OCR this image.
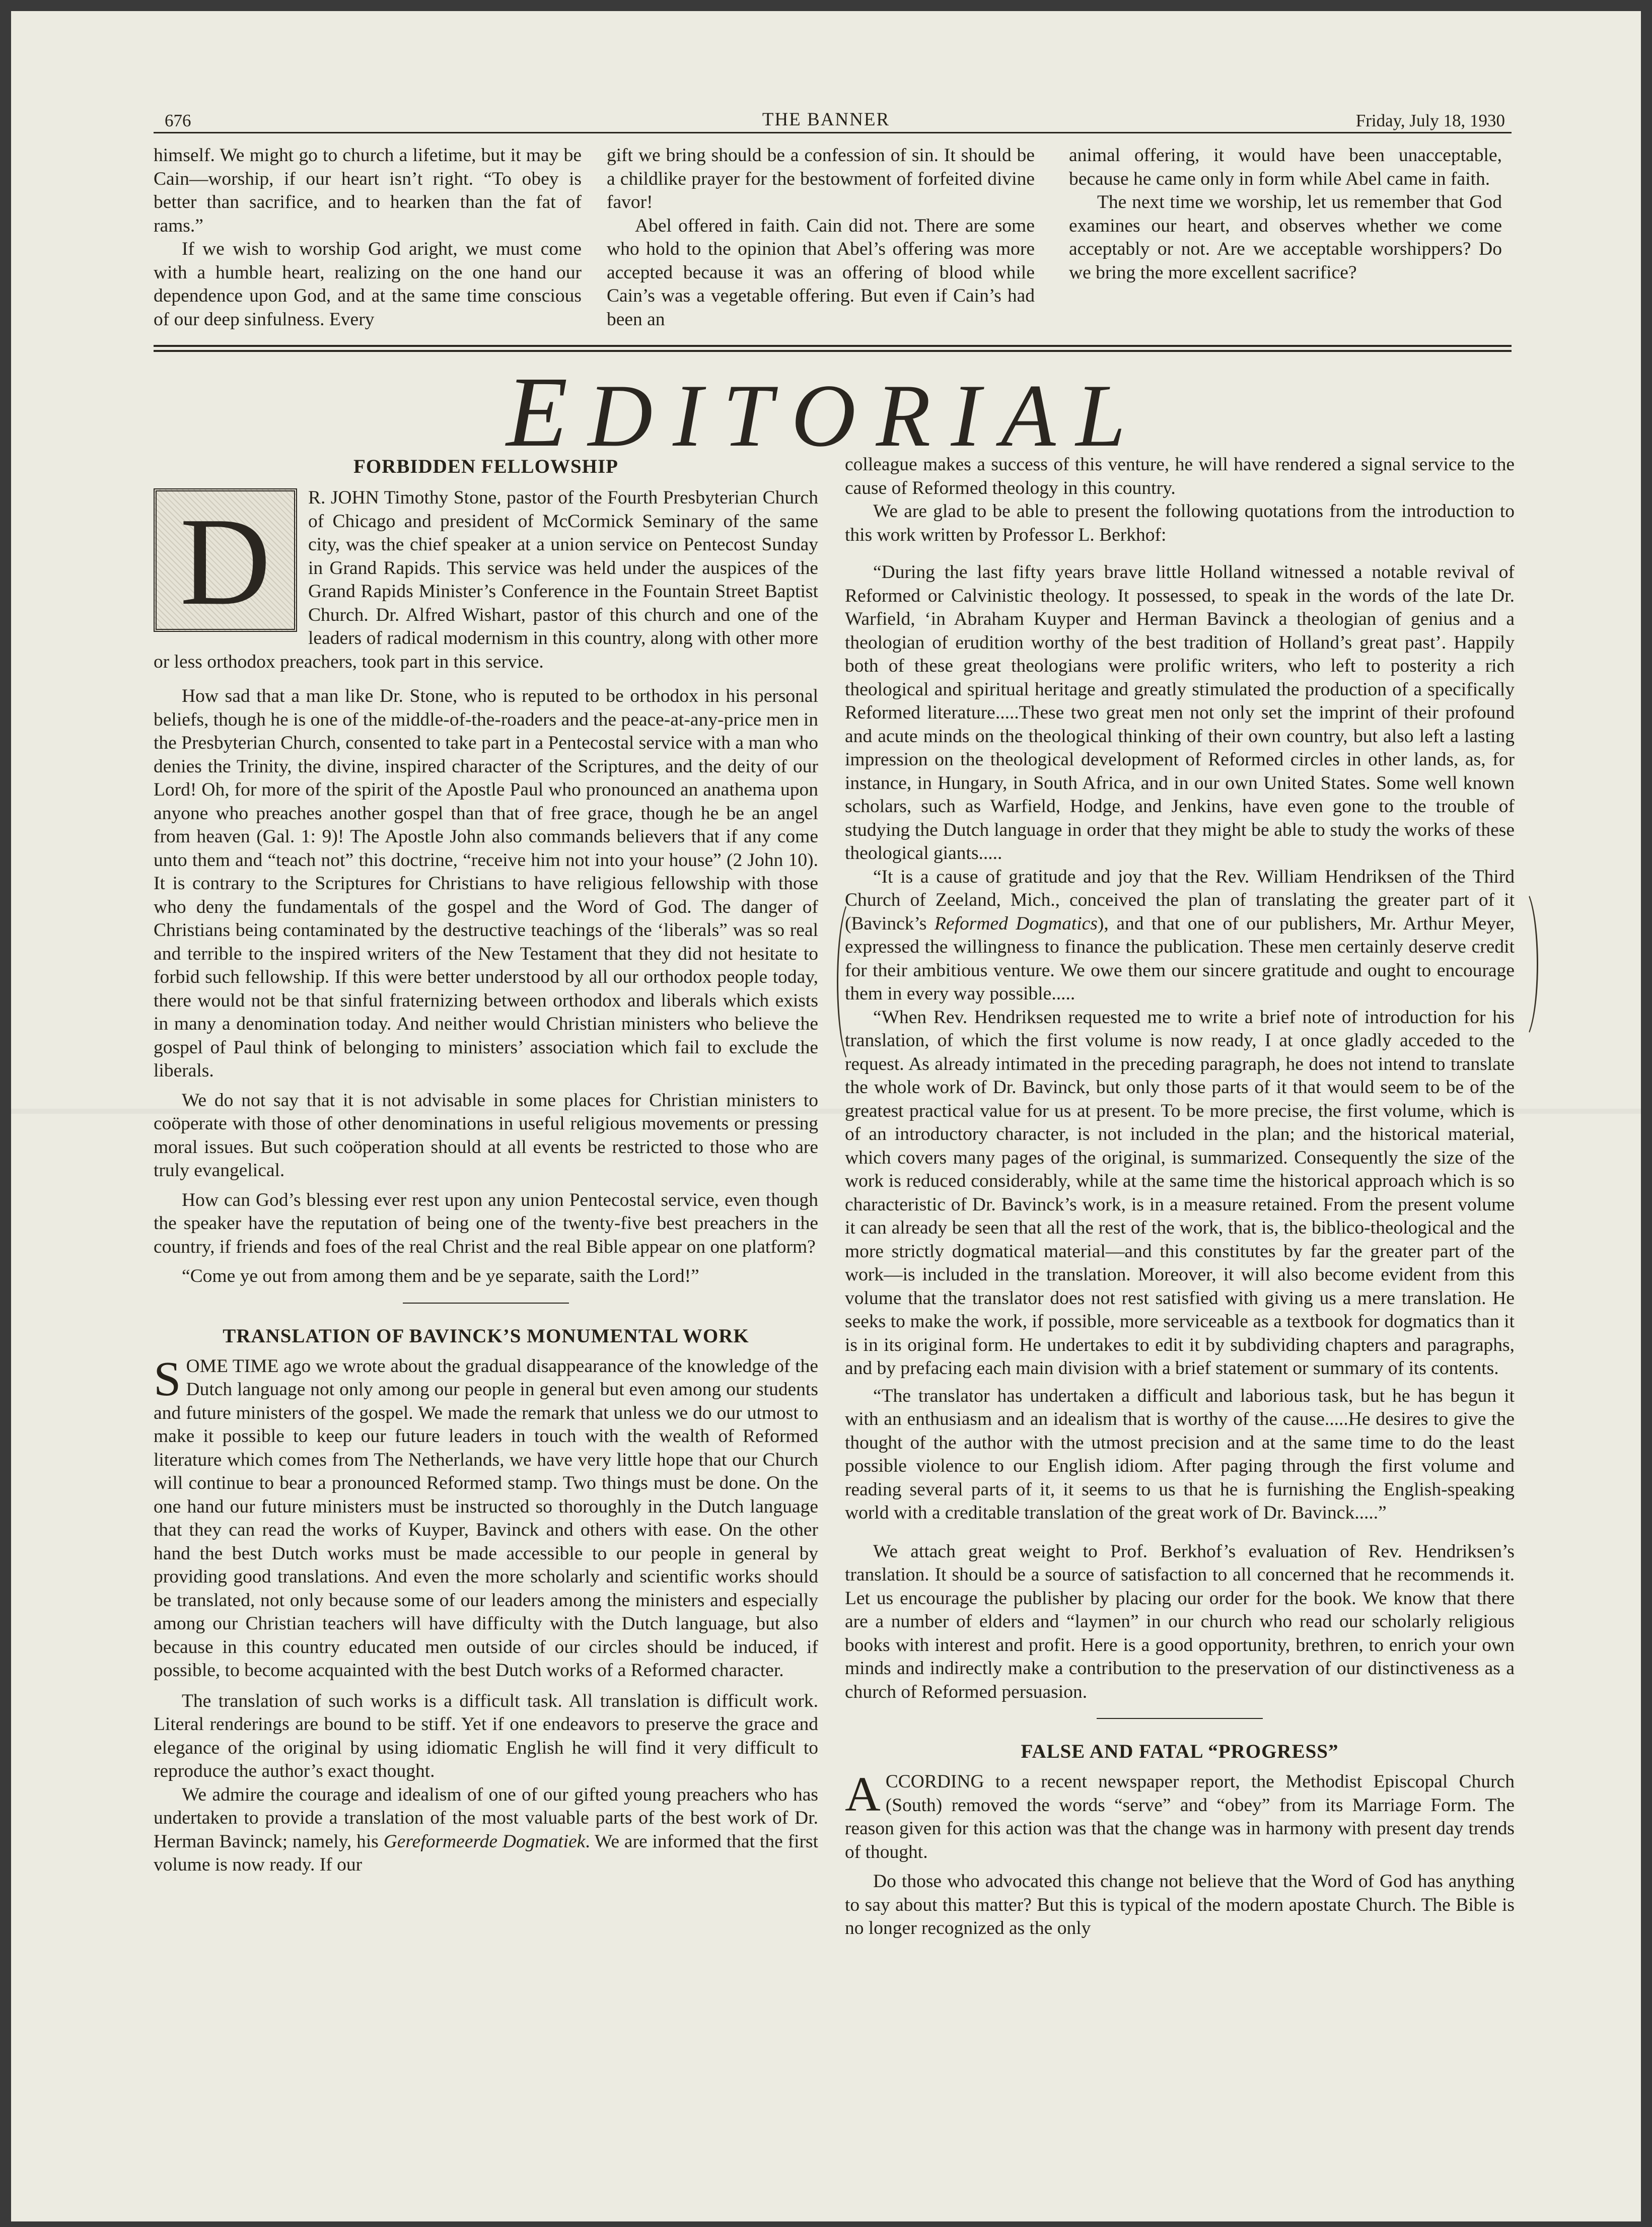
676	THE BANNER	Friday, July 18, 1930

himself. We might go to church a lifetime, but it may be Cain—worship, if our heart isn’t right. “To obey is better than sacrifice, and to hearken than the fat of rams.”

If we wish to worship God aright, we must come with a humble heart, realizing on the one hand our dependence upon God, and at the same time conscious of our deep sinfulness. Every

gift we bring should be a confession of sin. It should be a childlike prayer for the bestowment of forfeited divine favor!

Abel offered in faith. Cain did not. There are some who hold to the opinion that Abel’s offering was more accepted because it was an offering of blood while Cain’s was a vegetable offering. But even if Cain’s had been an

animal offering, it would have been unacceptable, because he came only in form while Abel came in faith.

The next time we worship, let us remember that God examines our heart, and observes whether we come acceptably or not. Are we acceptable worshippers? Do we bring the more excellent sacrifice?

EDITORIAL
FORBIDDEN FELLOWSHIP

D	R. JOHN Timothy Stone, pastor of the Fourth Presbyterian Church of Chicago and president of McCormick Seminary of the same city, was the chief speaker at a union service on Pentecost Sunday in Grand Rapids. This service was held under the auspices of the Grand Rapids Minister’s Conference in the Fountain Street Baptist Church. Dr. Alfred Wishart, pastor of this church and one of the leaders of radical modernism in this country, along with other more or less orthodox preachers, took part in this service.

How sad that a man like Dr. Stone, who is reputed to be orthodox in his personal beliefs, though he is one of the middle-of-the-roaders and the peace-at-any-price men in the Presbyterian Church, consented to take part in a Pentecostal service with a man who denies the Trinity, the divine, inspired character of the Scriptures, and the deity of our Lord! Oh, for more of the spirit of the Apostle Paul who pronounced an anathema upon anyone who preaches another gospel than that of free grace, though he be an angel from heaven (Gal. 1: 9)! The Apostle John also commands believers that if any come unto them and “teach not” this doctrine, “receive him not into your house” (2 John 10). It is contrary to the Scriptures for Christians to have religious fellowship with those who deny the fundamentals of the gospel and the Word of God. The danger of Christians being contaminated by the destructive teachings of the ‘liberals” was so real and terrible to the inspired writers of the New Testament that they did not hesitate to forbid such fellowship. If this were better understood by all our orthodox people today, there would not be that sinful fraternizing between orthodox and liberals which exists in many a denomination today. And neither would Christian ministers who believe the gospel of Paul think of belonging to ministers’ association which fail to exclude the liberals.

We do not say that it is not advisable in some places for Christian ministers to coöperate with those of other denominations in useful religious movements or pressing moral issues. But such coöperation should at all events be restricted to those who are truly evangelical.

How can God’s blessing ever rest upon any union Pentecostal service, even though the speaker have the reputation of being one of the twenty-five best preachers in the country, if friends and foes of the real Christ and the real Bible appear on one platform?

“Come ye out from among them and be ye separate, saith the Lord!”

TRANSLATION OF BAVINCK’S MONUMENTAL WORK

SOME TIME ago we wrote about the gradual disappearance of the knowledge of the Dutch language not only among our people in general but even among our students and future ministers of the gospel. We made the remark that unless we do our utmost to make it possible to keep our future leaders in touch with the wealth of Reformed literature which comes from The Netherlands, we have very little hope that our Church will continue to bear a pronounced Reformed stamp. Two things must be done. On the one hand our future ministers must be instructed so thoroughly in the Dutch language that they can read the works of Kuyper, Bavinck and others with ease. On the other hand the best Dutch works must be made accessible to our people in general by providing good translations. And even the more scholarly and scientific works should be translated, not only because some of our leaders among the ministers and especially among our Christian teachers will have difficulty with the Dutch language, but also because in this country educated men outside of our circles should be induced, if possible, to become acquainted with the best Dutch works of a Reformed character.

The translation of such works is a difficult task. All translation is difficult work. Literal renderings are bound to be stiff. Yet if one endeavors to preserve the grace and elegance of the original by using idiomatic English he will find it very difficult to reproduce the author’s exact thought.

We admire the courage and idealism of one of our gifted young preachers who has undertaken to provide a translation of the most valuable parts of the best work of Dr. Herman Bavinck; namely, his Gereformeerde Dogmatiek. We are informed that the first volume is now ready. If our

colleague makes a success of this venture, he will have rendered a signal service to the cause of Reformed theology in this country.

We are glad to be able to present the following quotations from the introduction to this work written by Professor L. Berkhof:

“During the last fifty years brave little Holland witnessed a notable revival of Reformed or Calvinistic theology. It possessed, to speak in the words of the late Dr. Warfield, ‘in Abraham Kuyper and Herman Bavinck a theologian of genius and a theologian of erudition worthy of the best tradition of Holland’s great past’. Happily both of these great theologians were prolific writers, who left to posterity a rich theological and spiritual heritage and greatly stimulated the production of a specifically Reformed literature.....These two great men not only set the imprint of their profound and acute minds on the theological thinking of their own country, but also left a lasting impression on the theological development of Reformed circles in other lands, as, for instance, in Hungary, in South Africa, and in our own United States. Some well known scholars, such as Warfield, Hodge, and Jenkins, have even gone to the trouble of studying the Dutch language in order that they might be able to study the works of these theological giants.....

“It is a cause of gratitude and joy that the Rev. William Hendriksen of the Third Church of Zeeland, Mich., conceived the plan of translating the greater part of it (Bavinck’s Reformed Dogmatics), and that one of our publishers, Mr. Arthur Meyer, expressed the willingness to finance the publication. These men certainly deserve credit for their ambitious venture. We owe them our sincere gratitude and ought to encourage them in every way possible.....

“When Rev. Hendriksen requested me to write a brief note of introduction for his translation, of which the first volume is now ready, I at once gladly acceded to the request. As already intimated in the preceding paragraph, he does not intend to translate the whole work of Dr. Bavinck, but only those parts of it that would seem to be of the greatest practical value for us at present. To be more precise, the first volume, which is of an introductory character, is not included in the plan; and the historical material, which covers many pages of the original, is summarized. Consequently the size of the work is reduced considerably, while at the same time the historical approach which is so characteristic of Dr. Bavinck’s work, is in a measure retained. From the present volume it can already be seen that all the rest of the work, that is, the biblico-theological and the more strictly dogmatical material—and this constitutes by far the greater part of the work—is included in the translation. Moreover, it will also become evident from this volume that the translator does not rest satisfied with giving us a mere translation. He seeks to make the work, if possible, more serviceable as a textbook for dogmatics than it is in its original form. He undertakes to edit it by subdividing chapters and paragraphs, and by prefacing each main division with a brief statement or summary of its contents.

“The translator has undertaken a difficult and laborious task, but he has begun it with an enthusiasm and an idealism that is worthy of the cause.....He desires to give the thought of the author with the utmost precision and at the same time to do the least possible violence to our English idiom. After paging through the first volume and reading several parts of it, it seems to us that he is furnishing the English-speaking world with a creditable translation of the great work of Dr. Bavinck.....”

We attach great weight to Prof. Berkhof’s evaluation of Rev. Hendriksen’s translation. It should be a source of satisfaction to all concerned that he recommends it. Let us encourage the publisher by placing our order for the book. We know that there are a number of elders and “laymen” in our church who read our scholarly religious books with interest and profit. Here is a good opportunity, brethren, to enrich your own minds and indirectly make a contribution to the preservation of our distinctiveness as a church of Reformed persuasion.

FALSE AND FATAL “PROGRESS”

ACCORDING to a recent newspaper report, the Methodist Episcopal Church (South) removed the words “serve” and “obey” from its Marriage Form. The reason given for this action was that the change was in harmony with present day trends of thought.

Do those who advocated this change not believe that the Word of God has anything to say about this matter? But this is typical of the modern apostate Church. The Bible is no longer recognized as the only
